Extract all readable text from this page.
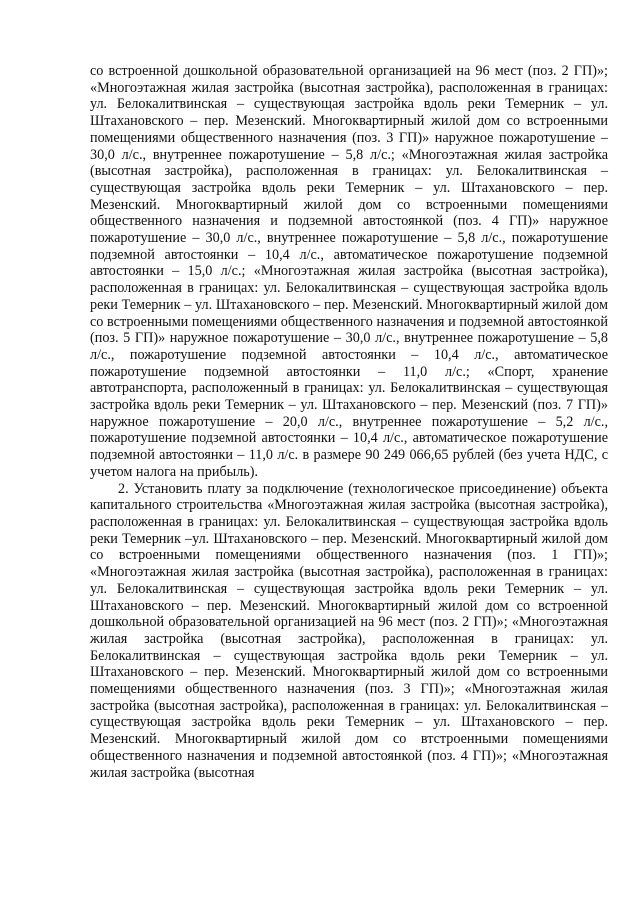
со встроенной дошкольной образовательной организацией на 96 мест (поз. 2 ГП)»; «Многоэтажная жилая застройка (высотная застройка), расположенная в границах: ул. Белокалитвинская – существующая застройка вдоль реки Темерник – ул. Штахановского – пер. Мезенский. Многоквартирный жилой дом со встроенными помещениями общественного назначения (поз. 3 ГП)» наружное пожаротушение – 30,0 л/с., внутреннее пожаротушение – 5,8 л/с.; «Многоэтажная жилая застройка (высотная застройка), расположенная в границах: ул. Белокалитвинская – существующая застройка вдоль реки Темерник – ул. Штахановского – пер. Мезенский. Многоквартирный жилой дом со встроенными помещениями общественного назначения и подземной автостоянкой (поз. 4 ГП)» наружное пожаротушение – 30,0 л/с., внутреннее пожаротушение – 5,8 л/с., пожаротушение подземной автостоянки – 10,4 л/с., автоматическое пожаротушение подземной автостоянки – 15,0 л/с.; «Многоэтажная жилая застройка (высотная застройка), расположенная в границах: ул. Белокалитвинская – существующая застройка вдоль реки Темерник – ул. Штахановского – пер. Мезенский. Многоквартирный жилой дом со встроенными помещениями общественного назначения и подземной автостоянкой (поз. 5 ГП)» наружное пожаротушение – 30,0 л/с., внутреннее пожаротушение – 5,8 л/с., пожаротушение подземной автостоянки – 10,4 л/с., автоматическое пожаротушение подземной автостоянки – 11,0 л/с.; «Спорт, хранение автотранспорта, расположенный в границах: ул. Белокалитвинская – существующая застройка вдоль реки Темерник – ул. Штахановского – пер. Мезенский (поз. 7 ГП)» наружное пожаротушение – 20,0 л/с., внутреннее пожаротушение – 5,2 л/с., пожаротушение подземной автостоянки – 10,4 л/с., автоматическое пожаротушение подземной автостоянки – 11,0 л/с. в размере 90 249 066,65 рублей (без учета НДС, с учетом налога на прибыль).

2. Установить плату за подключение (технологическое присоединение) объекта капитального строительства «Многоэтажная жилая застройка (высотная застройка), расположенная в границах: ул. Белокалитвинская – существующая застройка вдоль реки Темерник –ул. Штахановского – пер. Мезенский. Многоквартирный жилой дом со встроенными помещениями общественного назначения (поз. 1 ГП)»; «Многоэтажная жилая застройка (высотная застройка), расположенная в границах: ул. Белокалитвинская – существующая застройка вдоль реки Темерник – ул. Штахановского – пер. Мезенский. Многоквартирный жилой дом со встроенной дошкольной образовательной организацией на 96 мест (поз. 2 ГП)»; «Многоэтажная жилая застройка (высотная застройка), расположенная в границах: ул. Белокалитвинская – существующая застройка вдоль реки Темерник – ул. Штахановского – пер. Мезенский. Многоквартирный жилой дом со встроенными помещениями общественного назначения (поз. 3 ГП)»; «Многоэтажная жилая застройка (высотная застройка), расположенная в границах: ул. Белокалитвинская – существующая застройка вдоль реки Темерник – ул. Штахановского – пер. Мезенский. Многоквартирный жилой дом со втстроенными помещениями общественного назначения и подземной автостоянкой (поз. 4 ГП)»; «Многоэтажная жилая застройка (высотная
